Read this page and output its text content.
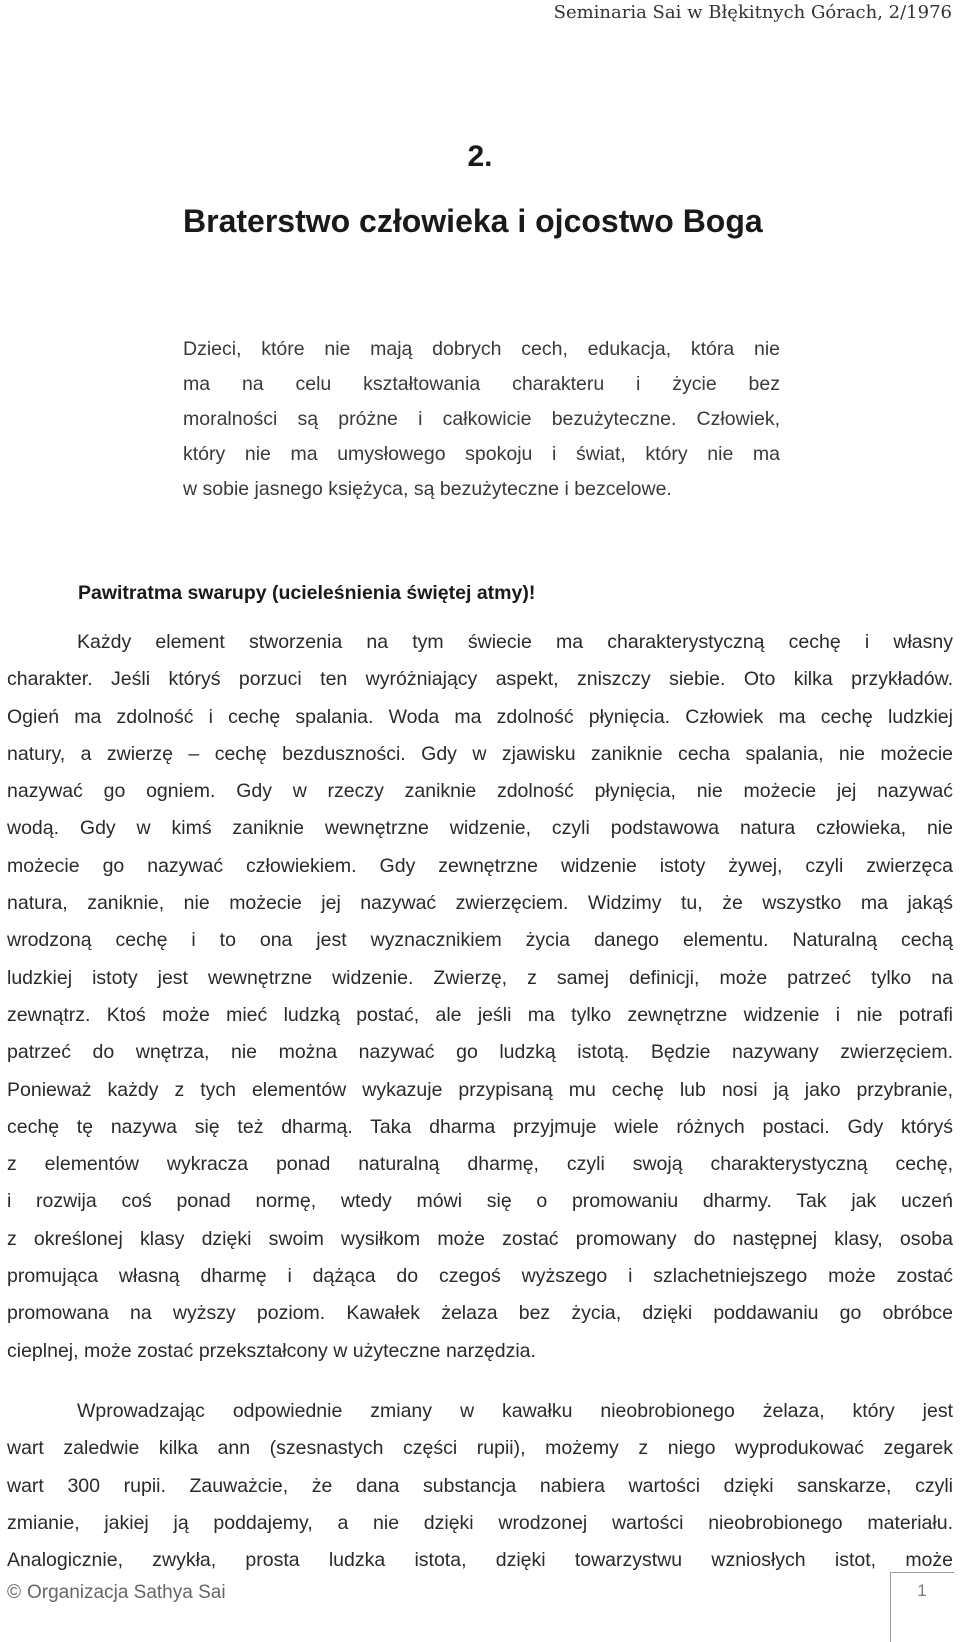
Seminaria Sai w Błękitnych Górach, 2/1976
2.
Braterstwo człowieka i ojcostwo Boga
Dzieci, które nie mają dobrych cech, edukacja, która nie
ma na celu kształtowania charakteru i życie bez
moralności są próżne i całkowicie bezużyteczne. Człowiek,
który nie ma umysłowego spokoju i świat, który nie ma
w sobie jasnego księżyca, są bezużyteczne i bezcelowe.
Pawitratma swarupy (ucieleśnienia świętej atmy)!
Każdy element stworzenia na tym świecie ma charakterystyczną cechę i własny
charakter. Jeśli któryś porzuci ten wyróżniający aspekt, zniszczy siebie. Oto kilka przykładów.
Ogień ma zdolność i cechę spalania. Woda ma zdolność płynięcia. Człowiek ma cechę ludzkiej
natury, a zwierzę – cechę bezduszności. Gdy w zjawisku zaniknie cecha spalania, nie możecie
nazywać go ogniem. Gdy w rzeczy zaniknie zdolność płynięcia, nie możecie jej nazywać
wodą. Gdy w kimś zaniknie wewnętrzne widzenie, czyli podstawowa natura człowieka, nie
możecie go nazywać człowiekiem. Gdy zewnętrzne widzenie istoty żywej, czyli zwierzęca
natura, zaniknie, nie możecie jej nazywać zwierzęciem. Widzimy tu, że wszystko ma jakąś
wrodzoną cechę i to ona jest wyznacznikiem życia danego elementu. Naturalną cechą
ludzkiej istoty jest wewnętrzne widzenie. Zwierzę, z samej definicji, może patrzeć tylko na
zewnątrz. Ktoś może mieć ludzką postać, ale jeśli ma tylko zewnętrzne widzenie i nie potrafi
patrzeć do wnętrza, nie można nazywać go ludzką istotą. Będzie nazywany zwierzęciem.
Ponieważ każdy z tych elementów wykazuje przypisaną mu cechę lub nosi ją jako przybranie,
cechę tę nazywa się też dharmą. Taka dharma przyjmuje wiele różnych postaci. Gdy któryś
z elementów wykracza ponad naturalną dharmę, czyli swoją charakterystyczną cechę,
i rozwija coś ponad normę, wtedy mówi się o promowaniu dharmy. Tak jak uczeń
z określonej klasy dzięki swoim wysiłkom może zostać promowany do następnej klasy, osoba
promująca własną dharmę i dążąca do czegoś wyższego i szlachetniejszego może zostać
promowana na wyższy poziom. Kawałek żelaza bez życia, dzięki poddawaniu go obróbce
cieplnej, może zostać przekształcony w użyteczne narzędzia.
Wprowadzając odpowiednie zmiany w kawałku nieobrobionego żelaza, który jest
wart zaledwie kilka ann (szesnastych części rupii), możemy z niego wyprodukować zegarek
wart 300 rupii. Zauważcie, że dana substancja nabiera wartości dzięki sanskarze, czyli
zmianie, jakiej ją poddajemy, a nie dzięki wrodzonej wartości nieobrobionego materiału.
Analogicznie, zwykła, prosta ludzka istota, dzięki towarzystwu wzniosłych istot, może
© Organizacja Sathya Sai	1
